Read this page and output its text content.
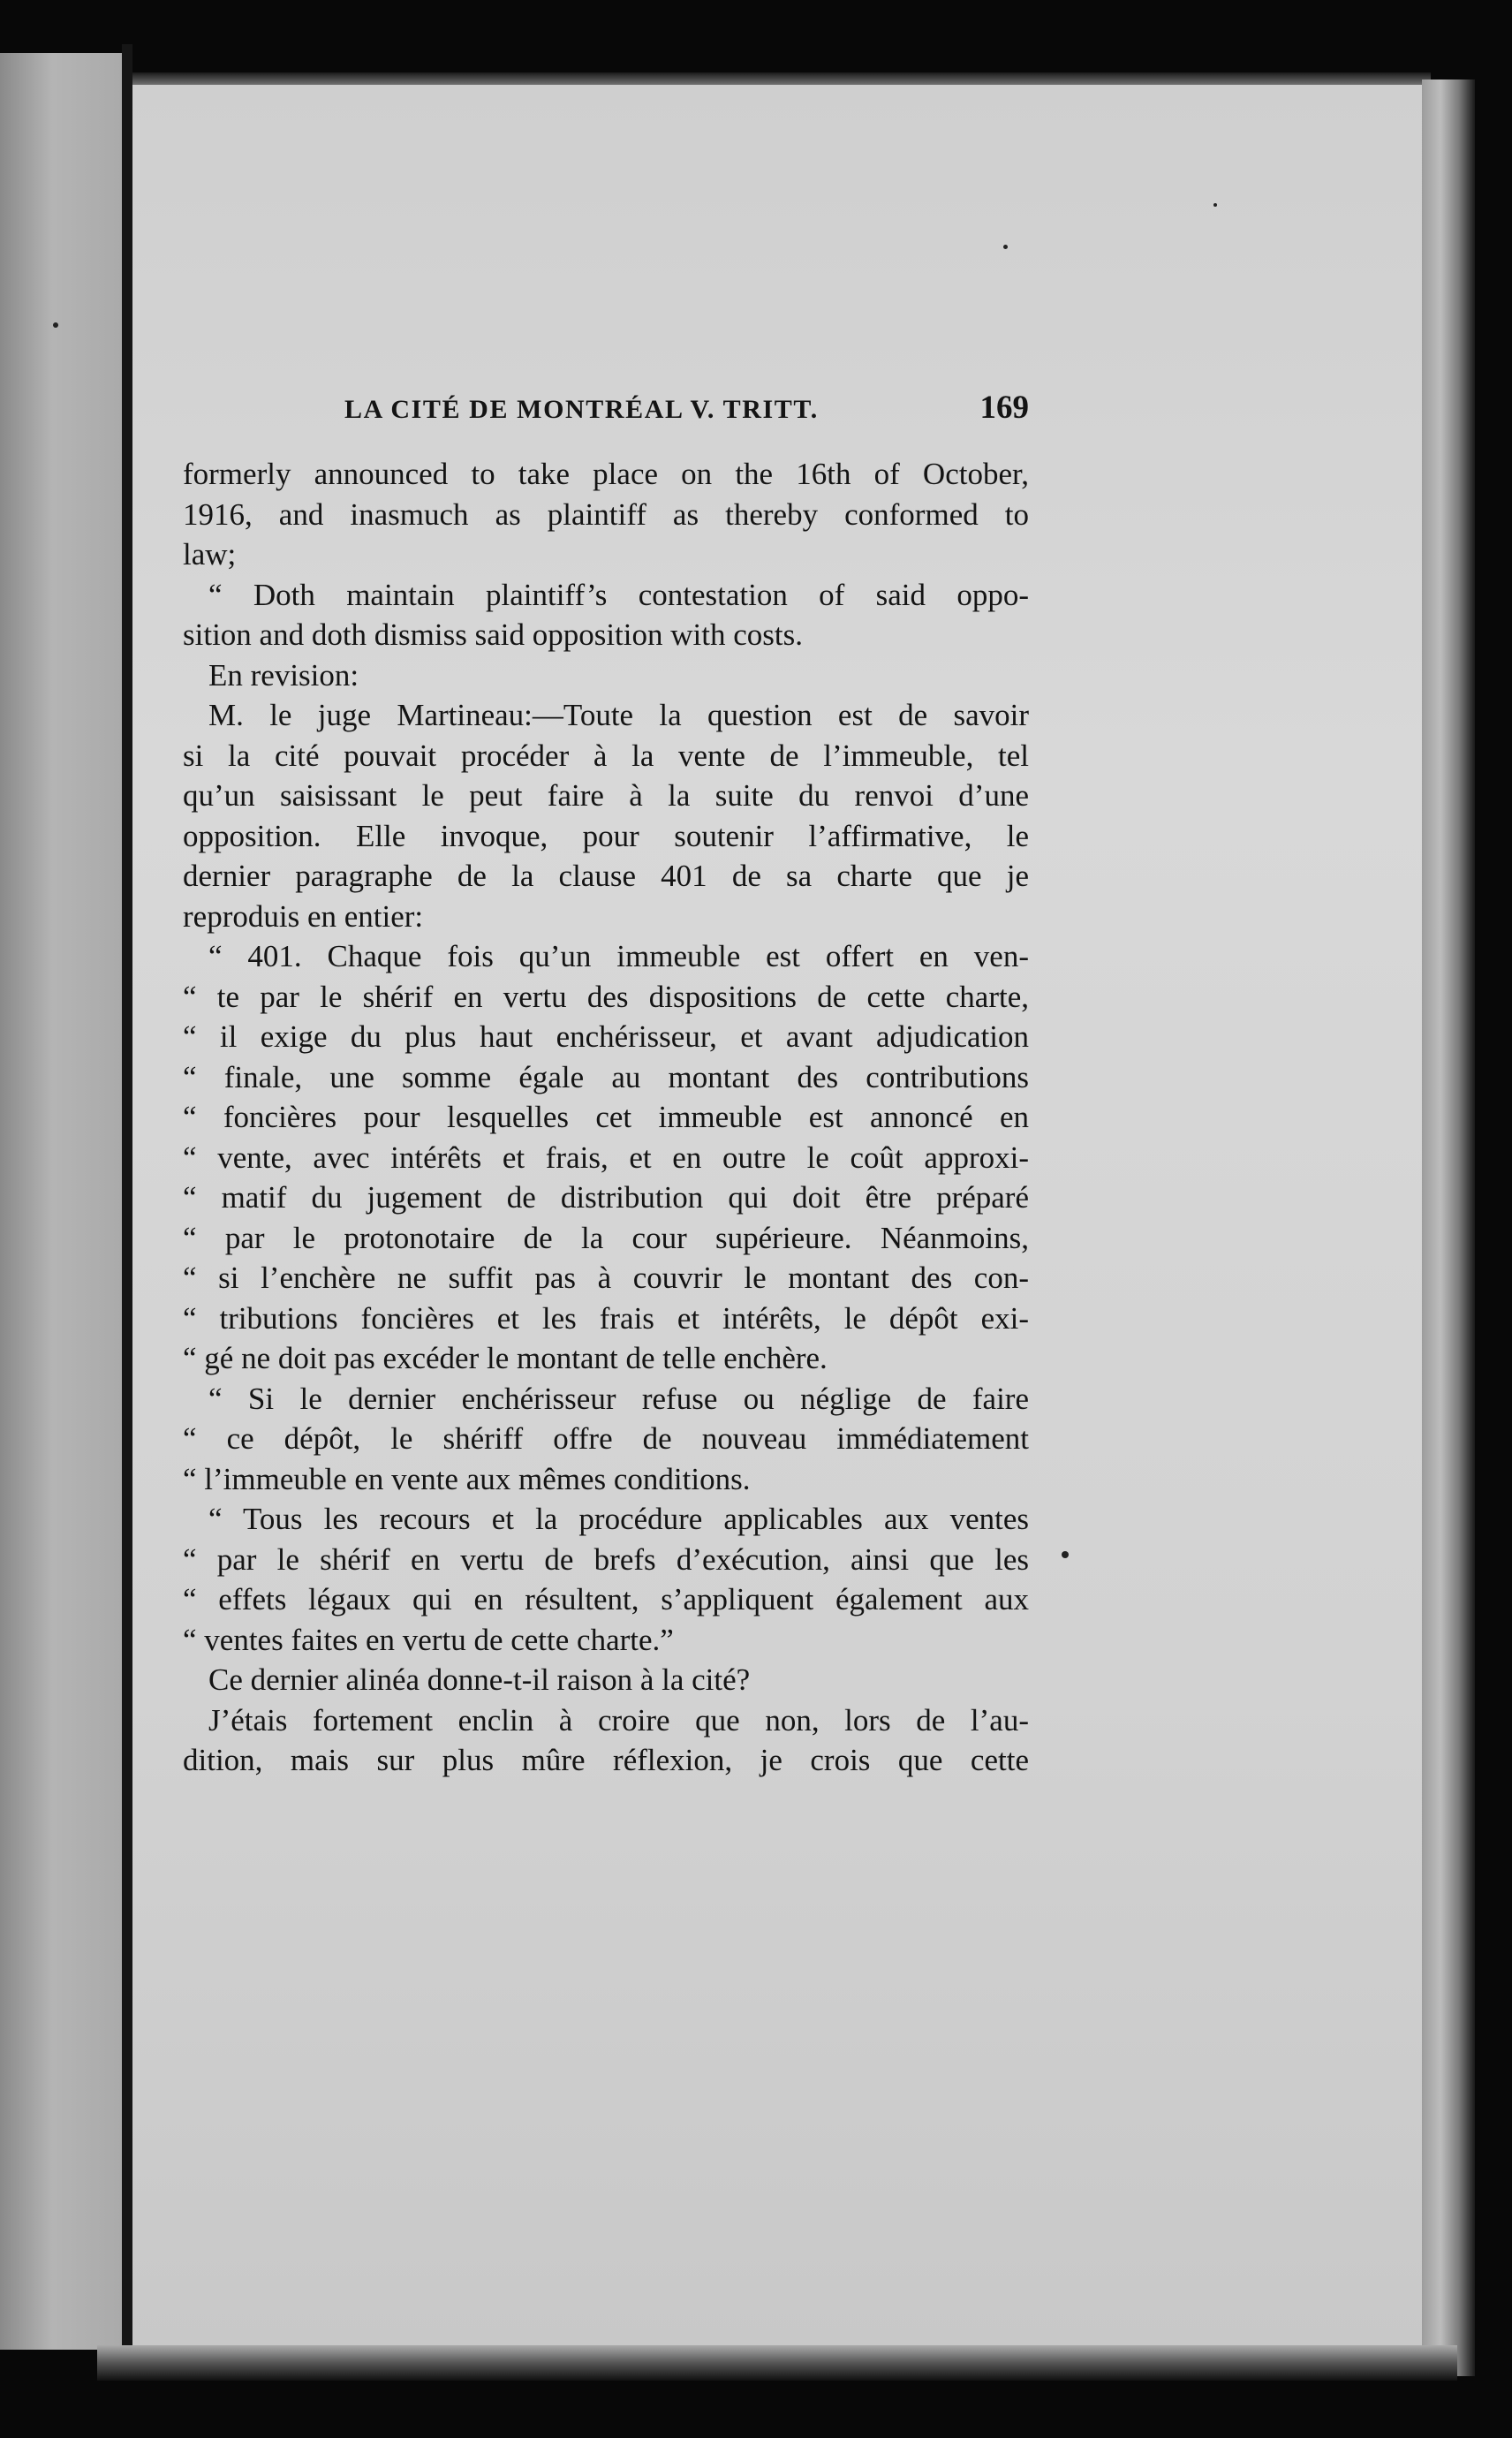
LA CITÉ DE MONTRÉAL V. TRITT.	169
formerly announced to take place on the 16th of October,
1916, and inasmuch as plaintiff as thereby conformed to
law;
“ Doth maintain plaintiff’s contestation of said oppo-
sition and doth dismiss said opposition with costs.
En revision:
M. le juge Martineau:—Toute la question est de savoir
si la cité pouvait procéder à la vente de l’immeuble, tel
qu’un saisissant le peut faire à la suite du renvoi d’une
opposition. Elle invoque, pour soutenir l’affirmative, le
dernier paragraphe de la clause 401 de sa charte que je
reproduis en entier:
“ 401. Chaque fois qu’un immeuble est offert en ven-
“ te par le shérif en vertu des dispositions de cette charte,
“ il exige du plus haut enchérisseur, et avant adjudication
“ finale, une somme égale au montant des contributions
“ foncières pour lesquelles cet immeuble est annoncé en
“ vente, avec intérêts et frais, et en outre le coût approxi-
“ matif du jugement de distribution qui doit être préparé
“ par le protonotaire de la cour supérieure. Néanmoins,
“ si l’enchère ne suffit pas à couvrir le montant des con-
“ tributions foncières et les frais et intérêts, le dépôt exi-
“ gé ne doit pas excéder le montant de telle enchère.
“ Si le dernier enchérisseur refuse ou néglige de faire
“ ce dépôt, le shériff offre de nouveau immédiatement
“ l’immeuble en vente aux mêmes conditions.
“ Tous les recours et la procédure applicables aux ventes
“ par le shérif en vertu de brefs d’exécution, ainsi que les
“ effets légaux qui en résultent, s’appliquent également aux
“ ventes faites en vertu de cette charte.”
Ce dernier alinéa donne-t-il raison à la cité?
J’étais fortement enclin à croire que non, lors de l’au-
dition, mais sur plus mûre réflexion, je crois que cette
